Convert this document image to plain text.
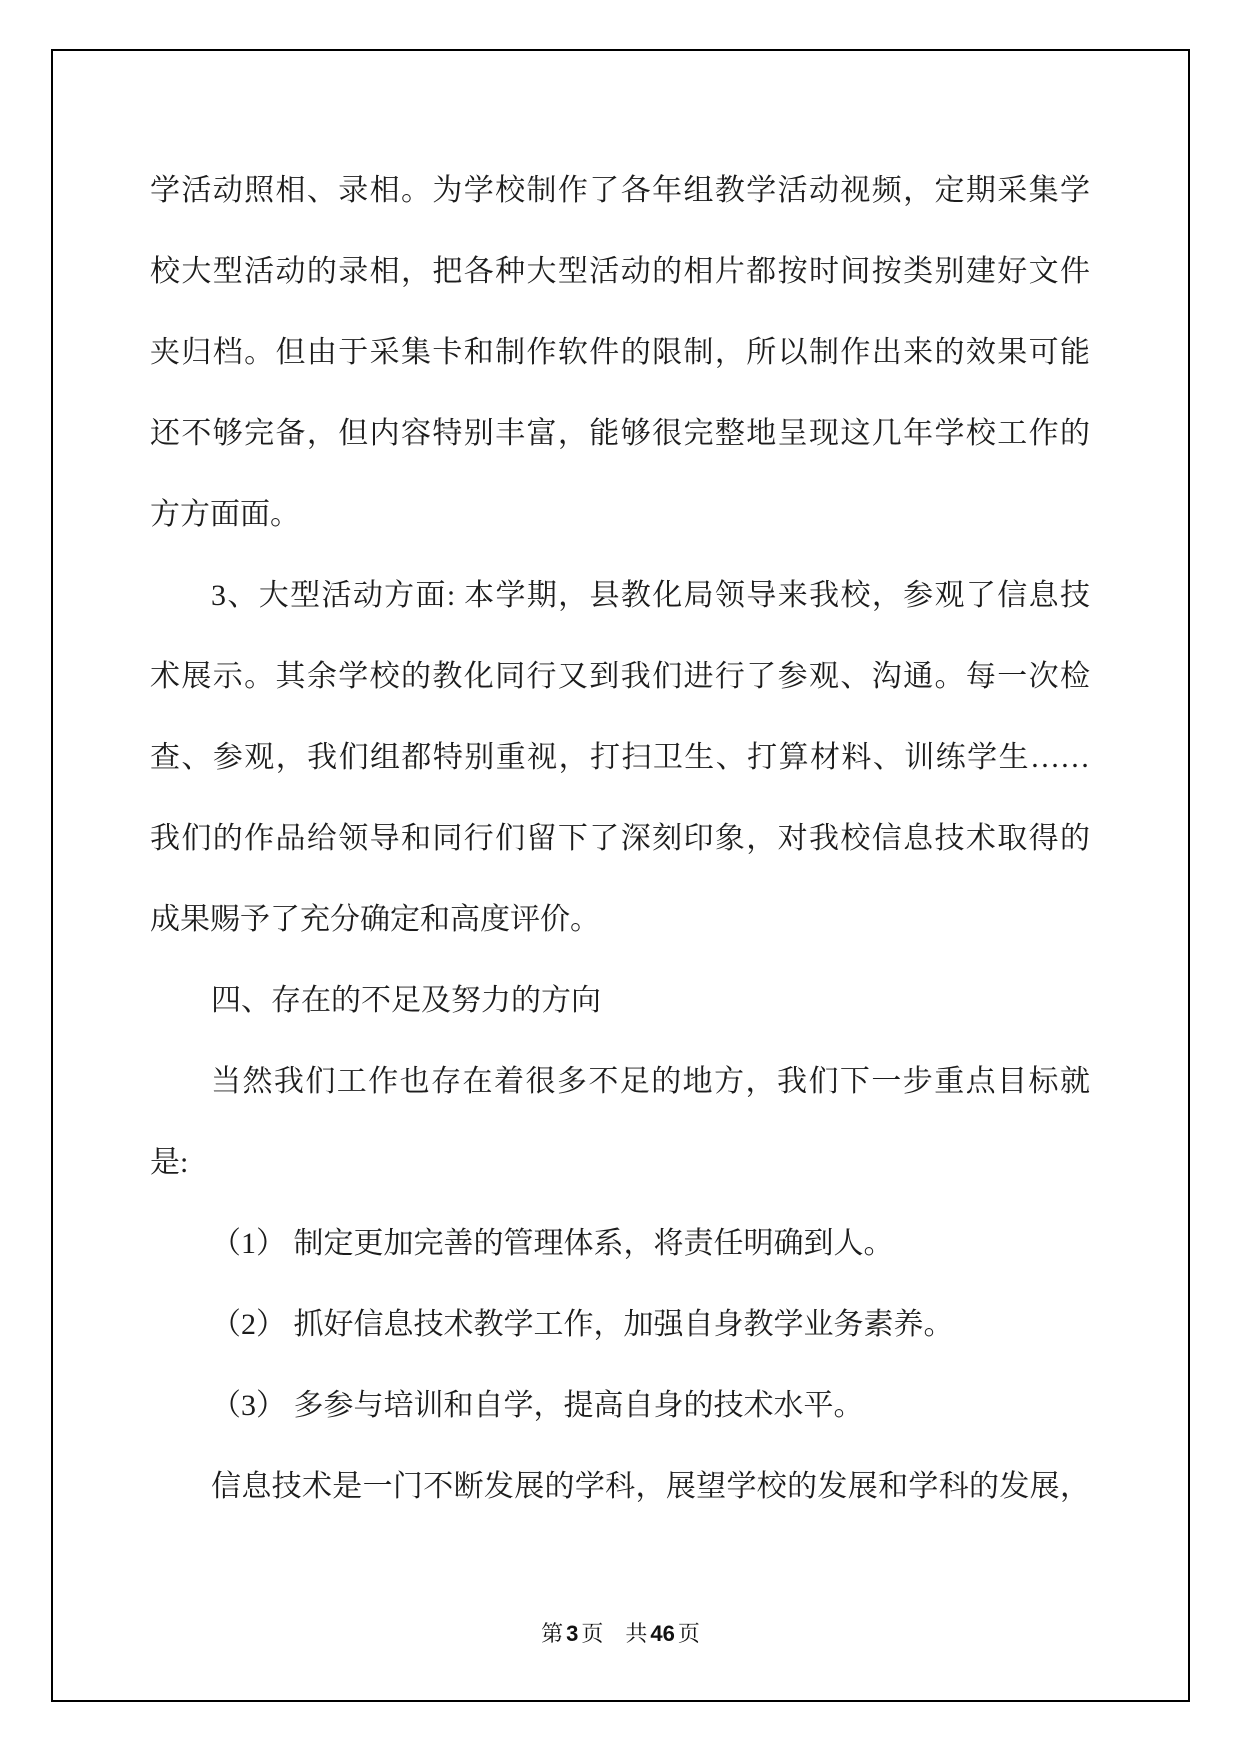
学活动照相、录相。为学校制作了各年组教学活动视频，定期采集学

校大型活动的录相，把各种大型活动的相片都按时间按类别建好文件

夹归档。但由于采集卡和制作软件的限制，所以制作出来的效果可能

还不够完备，但内容特别丰富，能够很完整地呈现这几年学校工作的

方方面面。

3、大型活动方面: 本学期，县教化局领导来我校，参观了信息技

术展示。其余学校的教化同行又到我们进行了参观、沟通。每一次检

查、参观，我们组都特别重视，打扫卫生、打算材料、训练学生……

我们的作品给领导和同行们留下了深刻印象，对我校信息技术取得的

成果赐予了充分确定和高度评价。

四、存在的不足及努力的方向

当然我们工作也存在着很多不足的地方，我们下一步重点目标就

是:

（1） 制定更加完善的管理体系，将责任明确到人。

（2） 抓好信息技术教学工作，加强自身教学业务素养。

（3） 多参与培训和自学，提高自身的技术水平。

信息技术是一门不断发展的学科，展望学校的发展和学科的发展，

第 3 页 共 46 页
